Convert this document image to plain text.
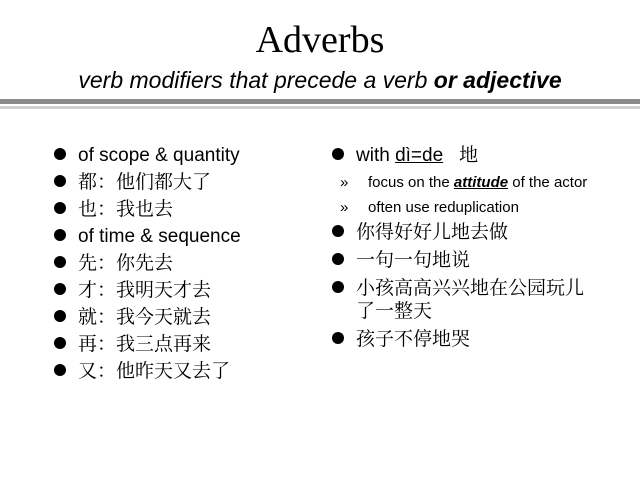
Adverbs
verb modifiers that precede a verb or adjective
of scope & quantity
都：他们都大了
也：我也去
of time & sequence
先：你先去
才：我明天才去
就：我今天就去
再：我三点再来
又：他昨天又去了
with dì=de 地
» focus on the attitude of the actor
» often use reduplication
你得好好儿地去做
一句一句地说
小孩高高兴兴地在公园玩儿了一整天
孩子不停地哭
